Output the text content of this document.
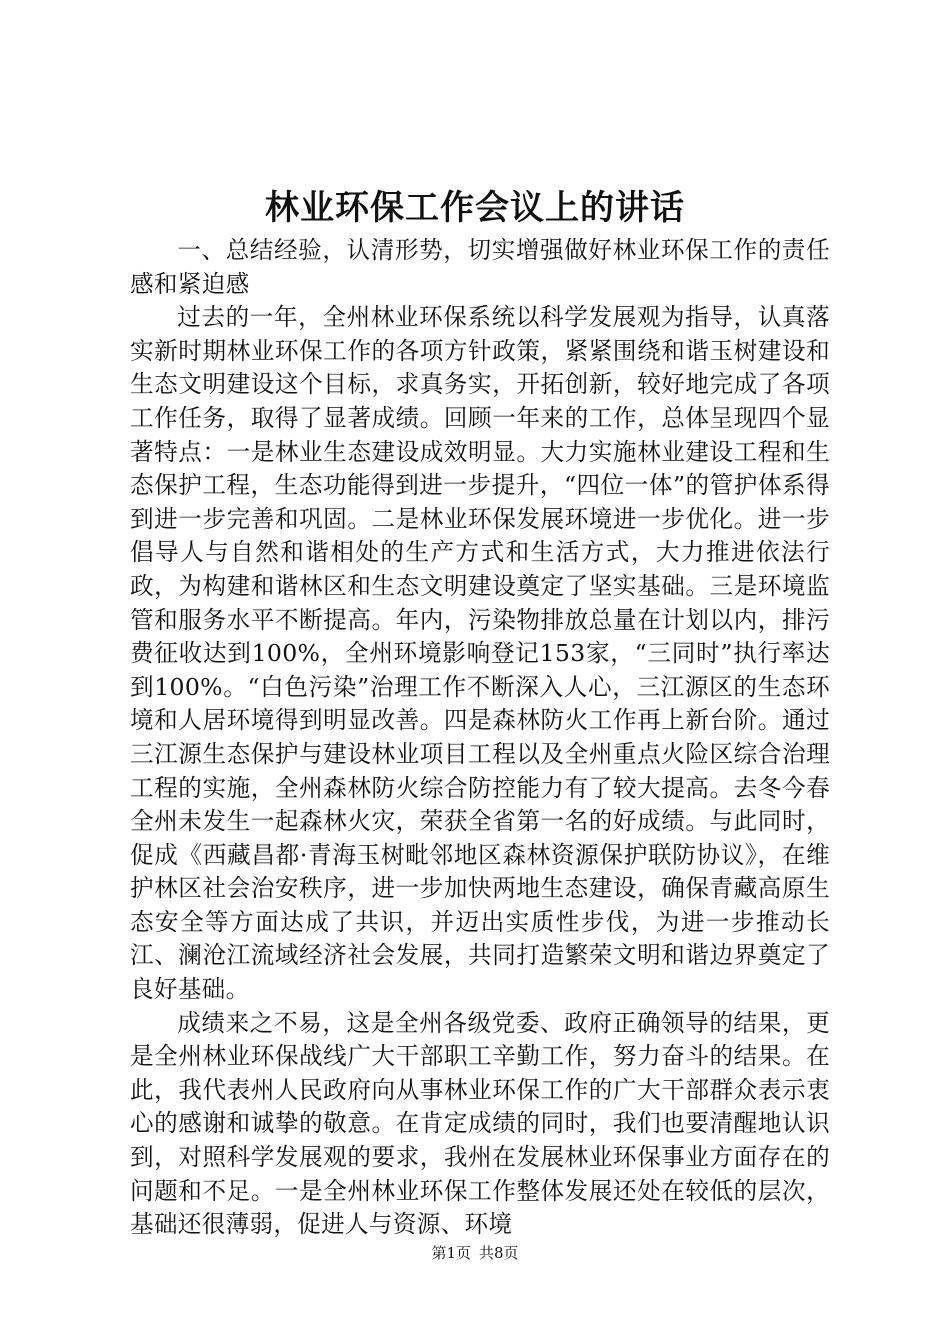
林业环保工作会议上的讲话

一、总结经验，认清形势，切实增强做好林业环保工作的责任感和紧迫感

过去的一年，全州林业环保系统以科学发展观为指导，认真落实新时期林业环保工作的各项方针政策，紧紧围绕和谐玉树建设和生态文明建设这个目标，求真务实，开拓创新，较好地完成了各项工作任务，取得了显著成绩。回顾一年来的工作，总体呈现四个显著特点：一是林业生态建设成效明显。大力实施林业建设工程和生态保护工程，生态功能得到进一步提升，“四位一体”的管护体系得到进一步完善和巩固。二是林业环保发展环境进一步优化。进一步倡导人与自然和谐相处的生产方式和生活方式，大力推进依法行政，为构建和谐林区和生态文明建设奠定了坚实基础。三是环境监管和服务水平不断提高。年内，污染物排放总量在计划以内，排污费征收达到100%，全州环境影响登记153家，“三同时”执行率达到100%。“白色污染”治理工作不断深入人心，三江源区的生态环境和人居环境得到明显改善。四是森林防火工作再上新台阶。通过三江源生态保护与建设林业项目工程以及全州重点火险区综合治理工程的实施，全州森林防火综合防控能力有了较大提高。去冬今春全州未发生一起森林火灾，荣获全省第一名的好成绩。与此同时，促成《西藏昌都·青海玉树毗邻地区森林资源保护联防协议》，在维护林区社会治安秩序，进一步加快两地生态建设，确保青藏高原生态安全等方面达成了共识，并迈出实质性步伐，为进一步推动长江、澜沧江流域经济社会发展，共同打造繁荣文明和谐边界奠定了良好基础。

成绩来之不易，这是全州各级党委、政府正确领导的结果，更是全州林业环保战线广大干部职工辛勤工作，努力奋斗的结果。在此，我代表州人民政府向从事林业环保工作的广大干部群众表示衷心的感谢和诚挚的敬意。在肯定成绩的同时，我们也要清醒地认识到，对照科学发展观的要求，我州在发展林业环保事业方面存在的问题和不足。一是全州林业环保工作整体发展还处在较低的层次，基础还很薄弱，促进人与资源、环境

第1页 共8页
